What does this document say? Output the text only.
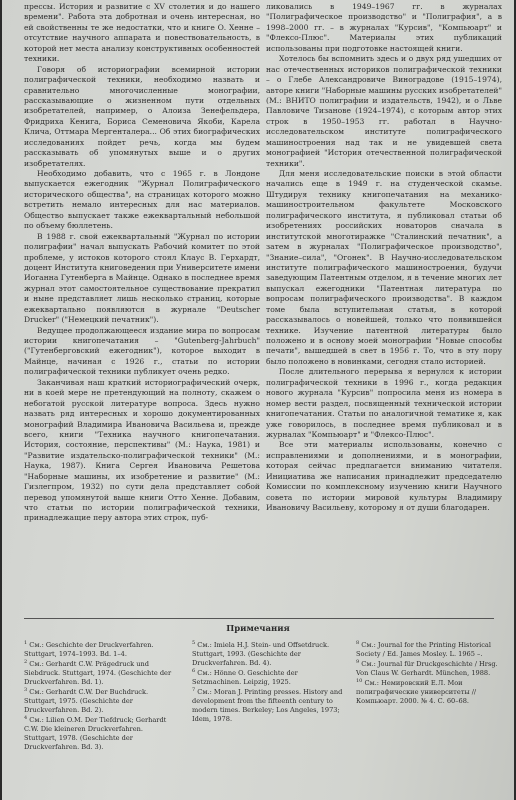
прессы. История и развитие с XV столетия и до нашего времени". Работа эта добротная и очень интересная, но ей свойственны те же недостатки, что и книге О. Хенне – отсутствие научного аппарата и повествовательность, в которой нет места анализу конструктивных особенностей техники.

Говоря об историографии всемирной истории полиграфической техники, необходимо назвать и сравнительно многочисленные монографии, рассказывающие о жизненном пути отдельных изобретателей, например, о Алоиза Зенефельдера, Фридриха Кенига, Бориса Семеновича Якоби, Карела Клича, Оттмара Мергенталера... Об этих биографических исследованиях пойдет речь, когда мы будем рассказывать об упомянутых выше и о других изобретателях.

Необходимо добавить, что с 1965 г. в Лондоне выпускается ежегодник "Журнал Полиграфического исторического общества", на страницах которого можно встретить немало интересных для нас материалов. Общество выпускает также ежеквартальный небольшой по объему бюллетень.

В 1988 г. свой ежеквартальный "Журнал по истории полиграфии" начал выпускать Рабочий комитет по этой проблеме, у истоков которого стоял Клаус В. Герхардт, доцент Института книговедения при Университете имени Иоганна Гутенберга в Майнце. Однако в последнее время журнал этот самостоятельное существование прекратил и ныне представляет лишь несколько страниц, которые ежеквартально появляются в журнале "Deutscher Drucker" ("Немецкий печатник").

Ведущее продолжающееся издание мира по вопросам истории книгопечатания – "Gutenberg-Jahrbuch" ("Гутенберговский ежегодник"), которое выходит в Майнце, начиная с 1926 г., статьи по истории полиграфической техники публикует очень редко.

Заканчивая наш краткий историографический очерк, ни в коей мере не претендующий на полноту, скажем о небогатой русской литературе вопроса. Здесь нужно назвать ряд интересных и хорошо документированных монографий Владимира Ивановича Васильева и, прежде всего, книги "Техника научного книгопечатания. История, состояние, перспективы" (М.: Наука, 1981) и "Развитие издательско-полиграфической техники" (М.: Наука, 1987). Книга Сергея Ивановича Решетова "Наборные машины, их изобретение и развитие" (М.: Гизлегпром, 1932) по сути дела представляет собой перевод упомянутой выше книги Отто Хенне. Добавим, что статьи по истории полиграфической техники, принадлежащие перу автора этих строк, пуб-

ликовались в 1949–1967 гг. в журналах "Полиграфическое производство" и "Полиграфия", а в 1998–2000 гг. – в журналах "Курсив", "Компьюарт" и "Флексо-Плюс". Материалы этих публикаций использованы при подготовке настоящей книги.

Хотелось бы вспомнить здесь и о двух ряд ушедших от нас отечественных историков полиграфической техники – о Глебе Александровиче Виноградове (1915–1974), авторе книги "Наборные машины русских изобретателей" (М.: ВНИТО полиграфии и издательств, 1942), и о Льве Павловиче Тизанове (1924–1974), с которым автор этих строк в 1950–1953 гг. работал в Научно-исследовательском институте полиграфического машиностроения над так и не увидевшей света монографией "История отечественной полиграфической техники".

Для меня исследовательские поиски в этой области начались еще в 1949 г. на студенческой скамье. Штудируя технику книгопечатания на механико-машиностроительном факультете Московского полиграфического института, я публиковал статьи об изобретениях российских новаторов сначала в институтской многотиражке "Сталинский печатник", а затем в журналах "Полиграфическое производство", "Знание–сила", "Огонек". В Научно-исследовательском институте полиграфического машиностроения, будучи заведующим Патентным отделом, я в течение многих лет выпускал ежегодники "Патентная литература по вопросам полиграфического производства". В каждом томе была вступительная статья, в которой рассказывалось о новейшей, только что появившейся технике. Изучение патентной литературы было положено и в основу моей монографии "Новые способы печати", вышедшей в свет в 1956 г. То, что в эту пору было положено в новинками, сегодня стало историей.

После длительного перерыва я вернулся к истории полиграфической техники в 1996 г., когда редакция нового журнала "Курсив" попросила меня из номера в номер вести раздел, посвященный технической истории книгопечатания. Статьи по аналогичной тематике я, как уже говорилось, в последнее время публиковал и в журналах "Компьюарт" и "Флексо-Плюс".

Все эти материалы использованы, конечно с исправлениями и дополнениями, и в монографии, которая сейчас предлагается вниманию читателя. Инициатива же написания принадлежит председателю Комиссии по комплексному изучению книги Научного совета по истории мировой культуры Владимиру Ивановичу Васильеву, которому я от души благодарен.

Примечания

$^1$ См.: Geschichte der Druckverfahren. Stuttgart, 1974–1993. Bd. 1–4.

$^2$ См.: Gerhardt C.W. Prägedruck und Siebdruck. Stuttgart, 1974. (Geschichte der Druckverfahren. Bd. 1).

$^3$ См.: Gerhardt C.W. Der Buchdruck. Stuttgart, 1975. (Geschichte der Druckverfahren. Bd. 2).

$^4$ См.: Lilien O.M. Der Tiefdruck; Gerhardt C.W. Die kleineren Druckverfahren. Stuttgart, 1978. (Geschichte der Druckverfahren. Bd. 3).

$^5$ См.: Imiela H.J. Stein- und Offsetdruck. Stuttgart, 1993. (Geschichte der Druckverfahren. Bd. 4).

$^6$ См.: Hönne O. Geschichte der Setzmachinen. Leipzig, 1925.

$^7$ См.: Moran J. Printing presses. History and development from the fifteenth century to modern times. Berkeley; Los Angeles, 1973; Idem, 1978.

$^8$ См.: Journal for the Printing Historical Society / Ed. James Mosley. L. 1965 –.

$^9$ См.: Journal für Druckgeschichte / Hrsg. Von Claus W. Gerhardt. München, 1988.

$^{10}$ См.: Немировский Е.Л. Мои полиграфические университеты // Компьюарт. 2000. № 4. С. 60–68.
